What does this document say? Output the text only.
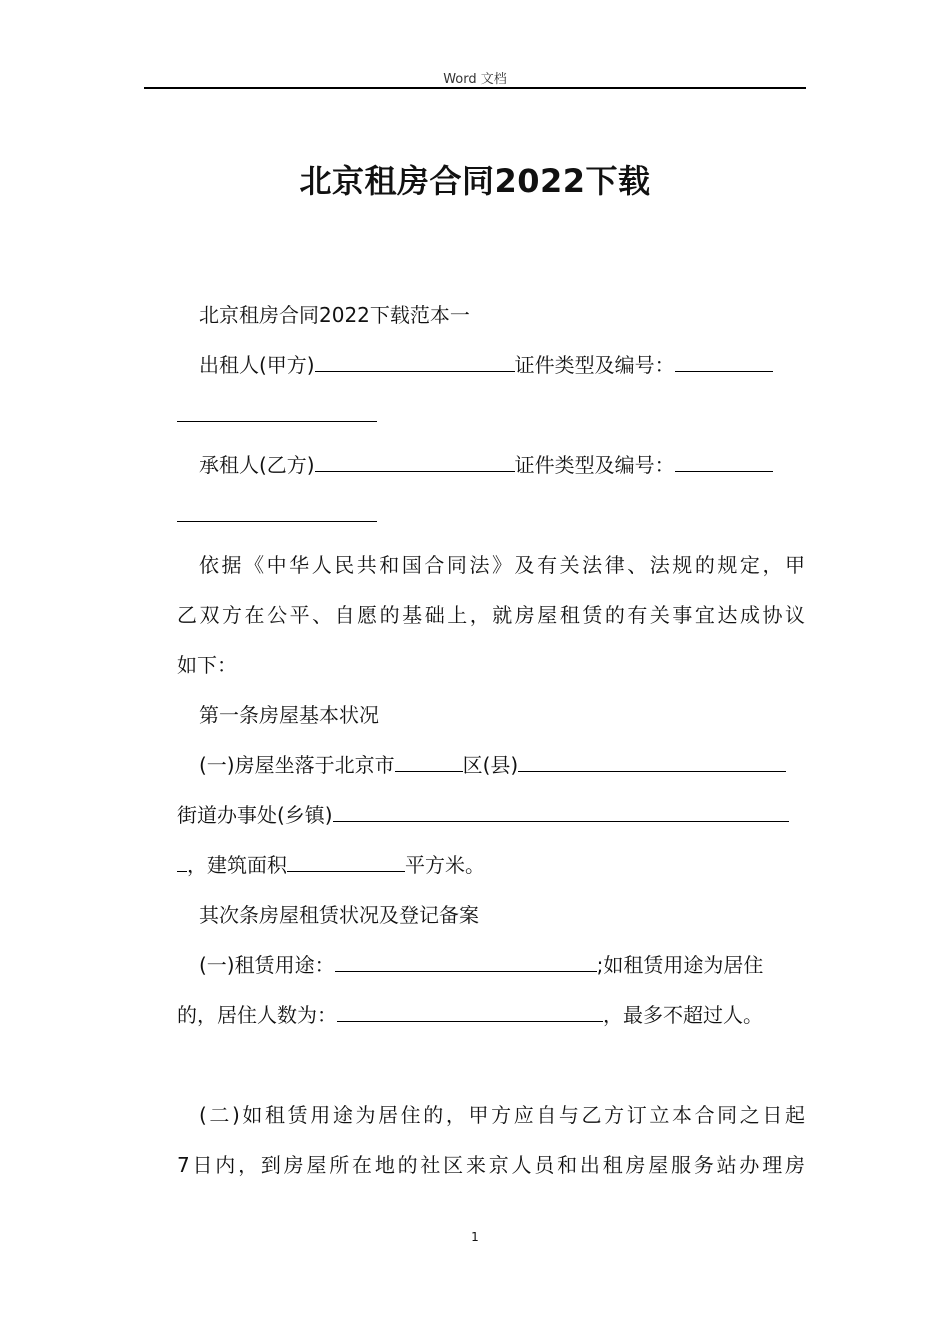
Word 文档
北京租房合同2022下载
北京租房合同2022下载范本一
出租人(甲方)	证件类型及编号：
承租人(乙方)	证件类型及编号：
依据《中华人民共和国合同法》及有关法律、法规的规定，甲
乙双方在公平、自愿的基础上，就房屋租赁的有关事宜达成协议
如下：
第一条房屋基本状况
(一)房屋坐落于北京市	区(县)
街道办事处(乡镇)
，建筑面积	平方米。
其次条房屋租赁状况及登记备案
(一)租赁用途：	;如租赁用途为居住
的，居住人数为：	，最多不超过人。
(二)如租赁用途为居住的，甲方应自与乙方订立本合同之日起
7日内，到房屋所在地的社区来京人员和出租房屋服务站办理房
1
